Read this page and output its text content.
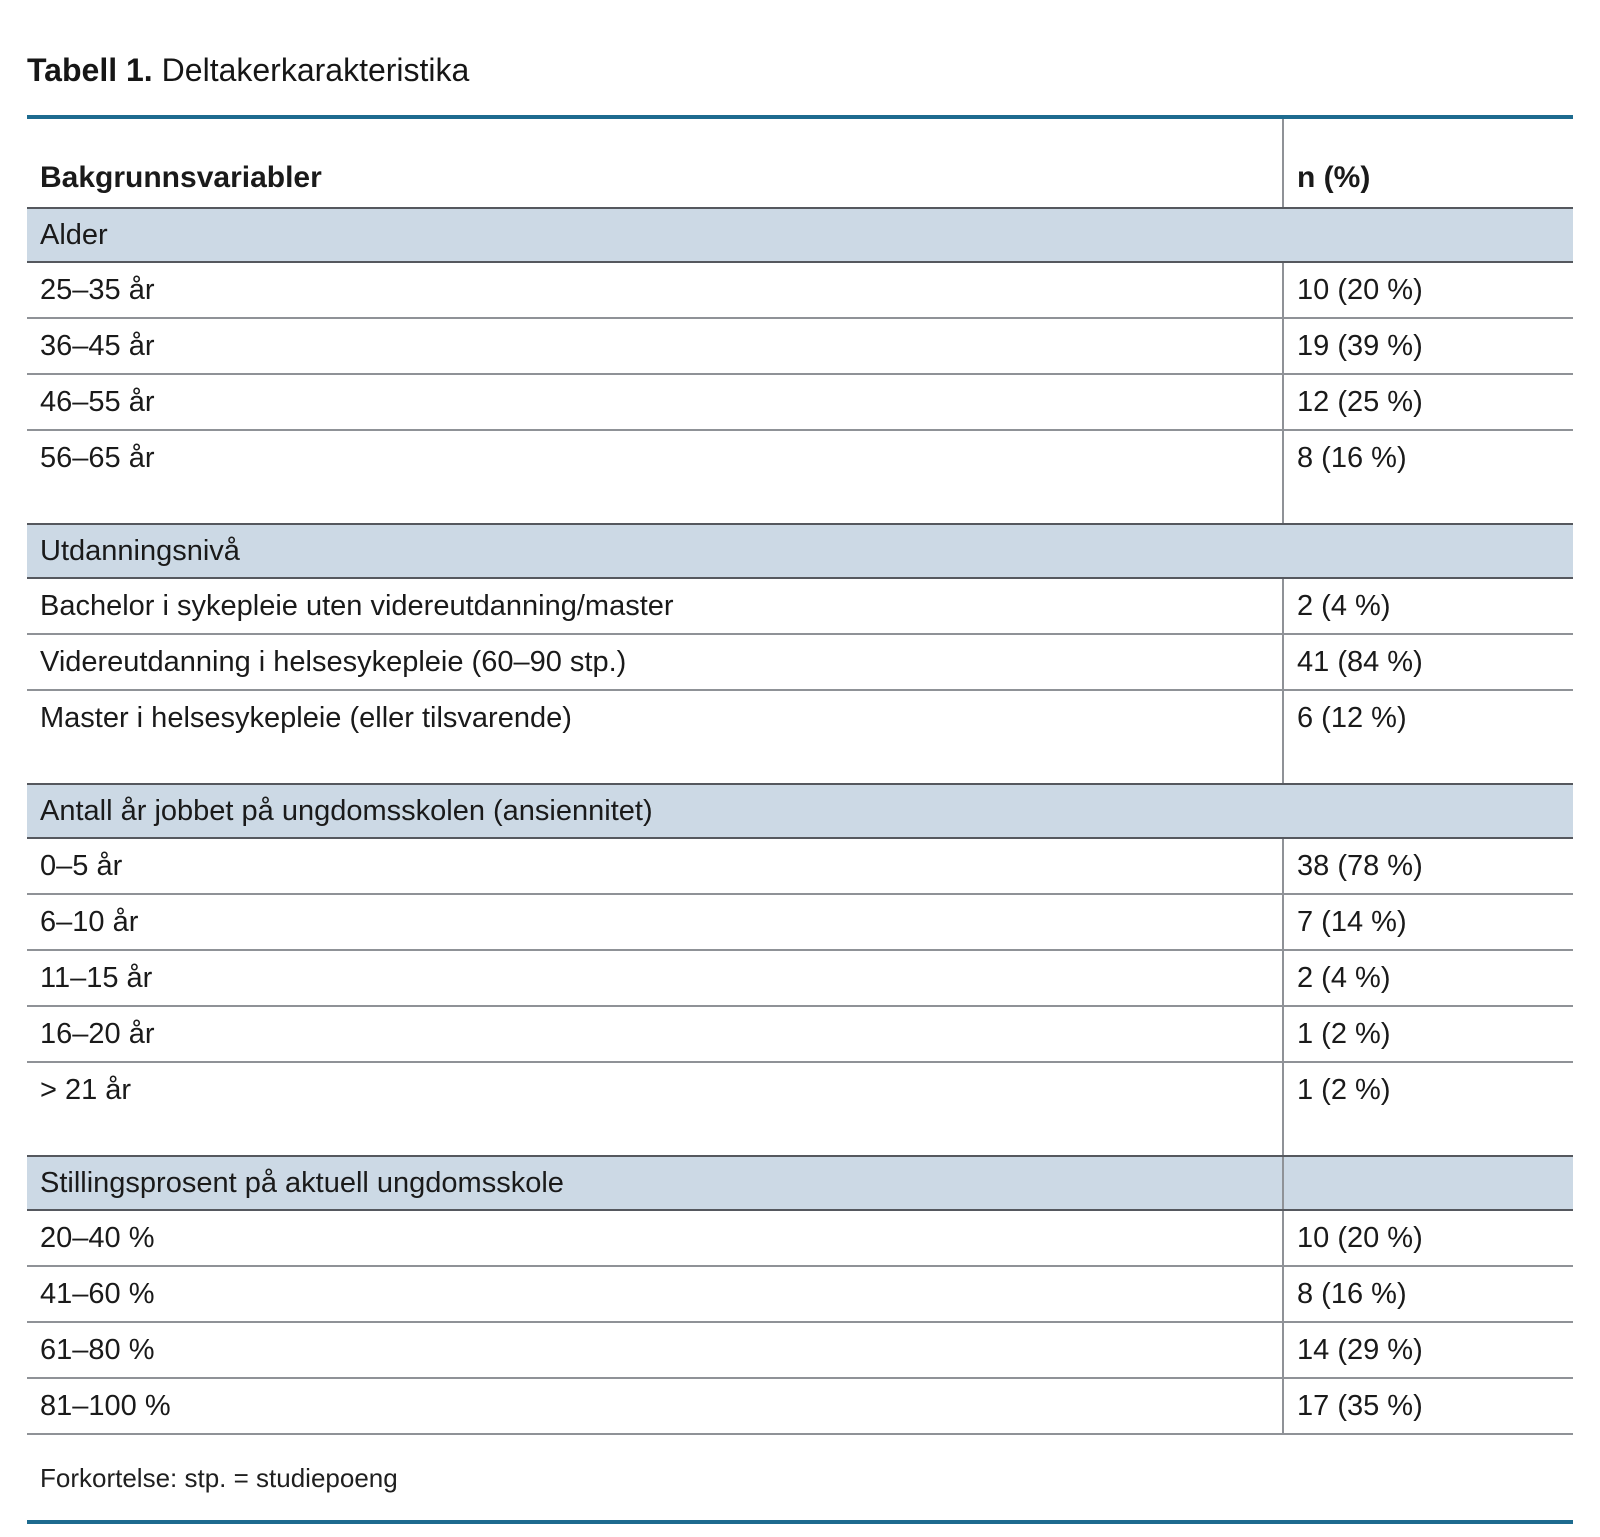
Tabell 1. Deltakerkarakteristika
Bakgrunnsvariabler	n (%)
Alder
25–35 år	10 (20 %)
36–45 år	19 (39 %)
46–55 år	12 (25 %)
56–65 år	8 (16 %)
Utdanningsnivå
Bachelor i sykepleie uten videreutdanning/master	2 (4 %)
Videreutdanning i helsesykepleie (60–90 stp.)	41 (84 %)
Master i helsesykepleie (eller tilsvarende)	6 (12 %)
Antall år jobbet på ungdomsskolen (ansiennitet)
0–5 år	38 (78 %)
6–10 år	7 (14 %)
11–15 år	2 (4 %)
16–20 år	1 (2 %)
> 21 år	1 (2 %)
Stillingsprosent på aktuell ungdomsskole
20–40 %	10 (20 %)
41–60 %	8 (16 %)
61–80 %	14 (29 %)
81–100 %	17 (35 %)
Forkortelse: stp. = studiepoeng
